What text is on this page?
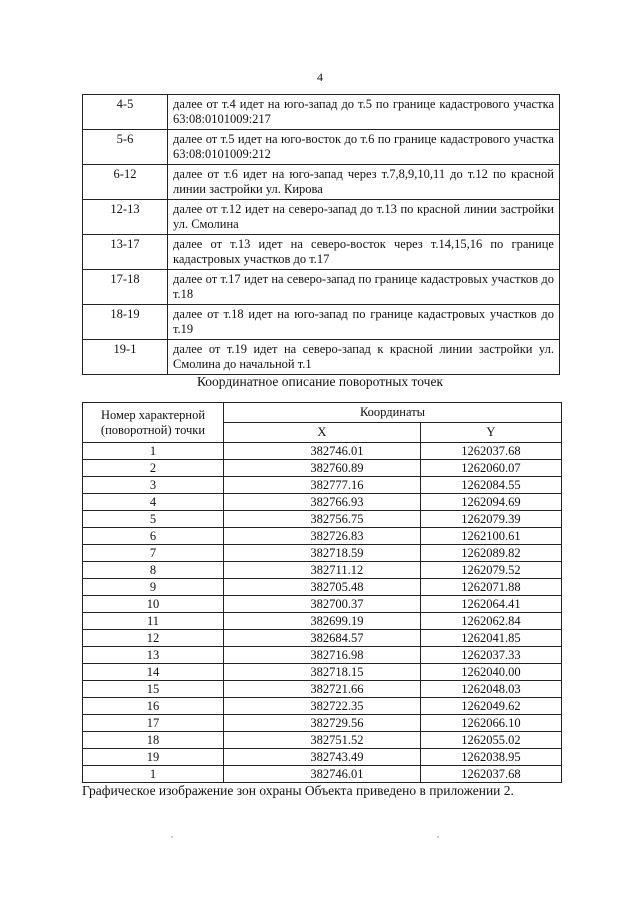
4
4-5	далее от т.4 идет на юго-запад до т.5 по границе кадастрового участка 63:08:0101009:217
5-6	далее от т.5 идет на юго-восток до т.6 по границе кадастрового участка 63:08:0101009:212
6-12	далее от т.6 идет на юго-запад через т.7,8,9,10,11 до т.12 по красной линии застройки ул. Кирова
12-13	далее от т.12 идет на северо-запад до т.13 по красной линии застройки ул. Смолина
13-17	далее от т.13 идет на северо-восток через т.14,15,16 по границе кадастровых участков до т.17
17-18	далее от т.17 идет на северо-запад по границе кадастровых участков до т.18
18-19	далее от т.18 идет на юго-запад по границе кадастровых участков до т.19
19-1	далее от т.19 идет на северо-запад к красной линии застройки ул. Смолина до начальной т.1
Координатное описание поворотных точек
Номер характерной (поворотной) точки	Координаты	
	X	Y
1	382746.01	1262037.68
2	382760.89	1262060.07
3	382777.16	1262084.55
4	382766.93	1262094.69
5	382756.75	1262079.39
6	382726.83	1262100.61
7	382718.59	1262089.82
8	382711.12	1262079.52
9	382705.48	1262071.88
10	382700.37	1262064.41
11	382699.19	1262062.84
12	382684.57	1262041.85
13	382716.98	1262037.33
14	382718.15	1262040.00
15	382721.66	1262048.03
16	382722.35	1262049.62
17	382729.56	1262066.10
18	382751.52	1262055.02
19	382743.49	1262038.95
1	382746.01	1262037.68
Графическое изображение зон охраны Объекта приведено в приложении 2.
